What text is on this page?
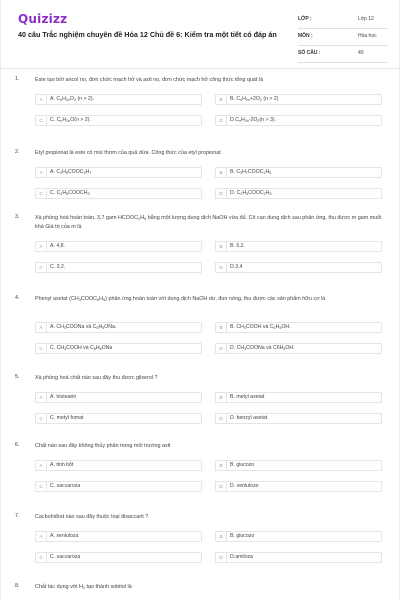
Quizizz
40 câu Trắc nghiệm chuyên đề Hóa 12 Chủ đề 6: Kiểm tra một tiết có đáp án
LỚP :	Lớp 12
MÔN :	Hóa học
SỐ CÂU :	40
1.	Este tạo bởi ancol no, đơn chức mạch hở và axit no, đơn chức mạch hở công thức tổng quát là
A	A. $C_nH_{2n}O_2$ (n > 2).	B	B. $C_nH_{2n}+2O_2$ (n > 2)
C	C. $C_nH_{2n}O(n > 2)$.	D	$D.C_nH_{2n}-2O_2(n > 3)$.
2.	Etyl propionat là este có mùi thơm của quả dứa. Công thức của etyl propionat
A	A. $C_2H_5COOC_3H_7$	B	B. $C_3H_7COOC_2H_5$
C	C. $C_2H_5COOCH_3$	D	D. $C_2H_5COOC_2H_5$
3.	Xà phòng hoá hoàn toàn, 3,7 gam $HCOOC_2H_5$ bằng một lượng dung dịch NaOH vừa đủ. Cô cạn dung dịch sau phản ứng, thu được m gam muối khá Giá trị của m là
A	A. 4,8.	B	B. 5,2.
C	C. 3,2.	D	D.3,4
4.	Phenyl axetat $(CH_3COOC_6H_5)$ phản ứng hoàn toàn với dung dịch NaOH dư, đun nóng, thu được các sản phẩm hữu cơ là
A	A. $CH_3COONa$ và $C_6H_5ONa$.	B	B. $CH_3COOH$ và $C_6H_5OH$.
C	C. $CH_3COOH$ và $C_6H_5ONa$	D	D. $CH_3COONa$ và $C6H_5OH$.
5.	Xà phòng hoá chất nào sau đây thu được glixerol ?
A	A. tristearin	B	B. metyl axetat
C	C. metyl fomat	D	D. benzyl axetat
6.	Chất nào sau đây không thủy phân trong môi trường axit
A	A. tinh bột	B	B. glucozo
C	C. saccaroza	D	D. xenlulozo
7.	Cacbohiđrat nào sau đây thuộc loại đisaccarit ?
A	A. xenluloza	B	B. glucozo
C	C. saccaroza	D	D.amiloza
8.	Chất tác dụng với $H_2$ tạo thành sobitol là
